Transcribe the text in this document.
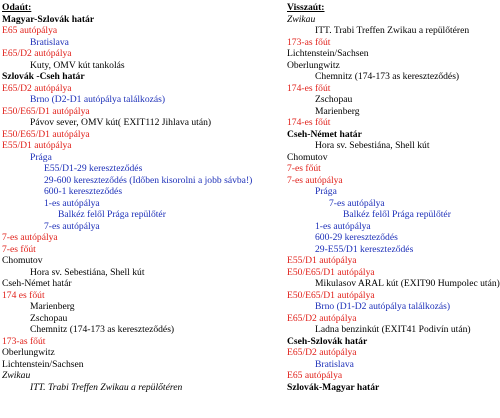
Odaút:
Magyar-Szlovák határ
E65 autópálya
Bratislava
E65/D2 autópálya
Kuty, OMV kút tankolás
Szlovák -Cseh határ
E65/D2 autópálya
Brno (D2-D1 autópálya találkozás)
E50/E65/D1 autópálya
Pávov sever, OMV kút( EXIT112 Jihlava után)
E50/E65/D1 autópálya
E55/D1 autópálya
Prága
E55/D1-29 kereszteződés
29-600 kereszteződés (Időben kisorolni a jobb sávba!)
600-1 kereszteződés
1-es autópálya
Balkéz felől Prága repülőtér
7-es autópálya
7-es autópálya
7-es főút
Chomutov
Hora sv. Sebestiána, Shell kút
Cseh-Német határ
174 es főút
Marienberg
Zschopau
Chemnitz (174-173 as kereszteződés)
173-as főút
Oberlungwitz
Lichtenstein/Sachsen
Zwikau
ITT. Trabi Treffen Zwikau a repülőtéren
Visszaút:
Zwikau
ITT. Trabi Treffen Zwikau a repülőtéren
173-as főút
Lichtenstein/Sachsen
Oberlungwitz
Chemnitz (174-173 as kereszteződés)
174-es főút
Zschopau
Marienberg
174-es főút
Cseh-Német határ
Hora sv. Sebestiána, Shell kút
Chomutov
7-es főút
7-es autópálya
Prága
7-es autópálya
Balkéz felől Prága repülőtér
1-es autópálya
600-29 kereszteződés
29-E55/D1 kereszteződés
E55/D1 autópálya
E50/E65/D1 autópálya
Mikulasov ARAL kút (EXIT90 Humpolec után)
E50/E65/D1 autópálya
Brno (D1-D2 autópálya találkozás)
E65/D2 autópálya
Ladna benzinkút (EXIT41 Podivín után)
Cseh-Szlovák határ
E65/D2 autópálya
Bratislava
E65 autópálya
Szlovák-Magyar határ
